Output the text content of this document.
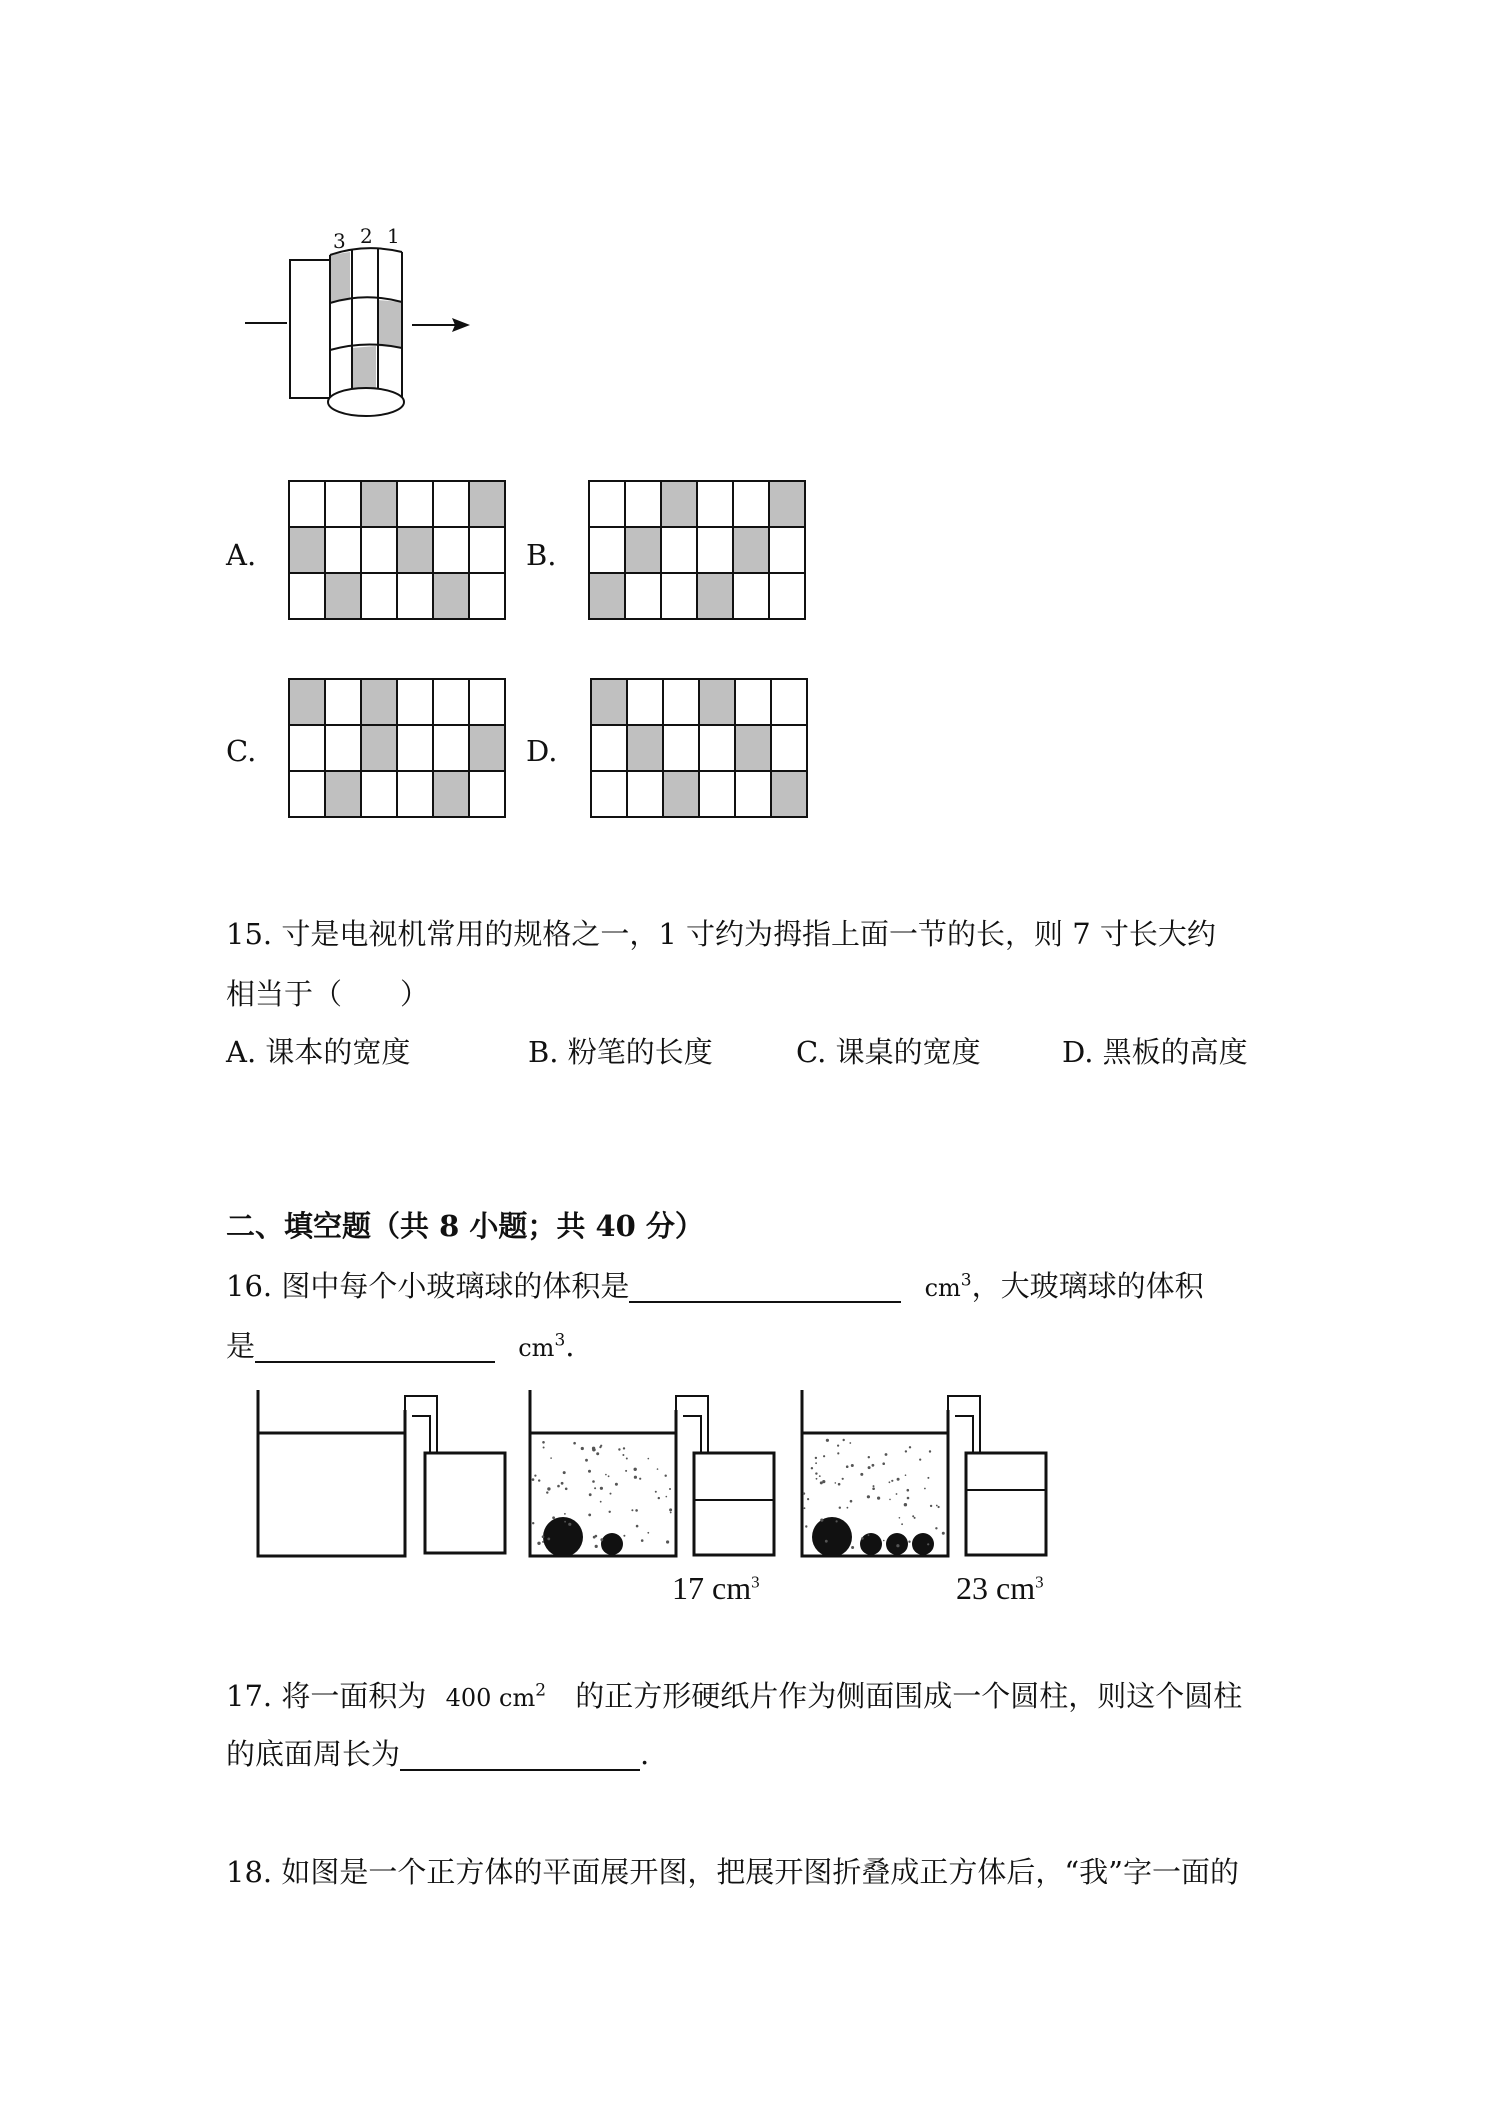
3 2 1
A.	B.
C.	D.
15. 寸是电视机常用的规格之一，1 寸约为拇指上面一节的长，则 7 寸长大约
相当于（　　）
A. 课本的宽度	B. 粉笔的长度	C. 课桌的宽度	D. 黑板的高度
二、填空题（共 8 小题；共 40 分）
16. 图中每个小玻璃球的体积是	$cm^3$，大玻璃球的体积
是	$cm^3$.
17 $cm^3$	23 $cm^3$
17. 将一面积为 400 $cm^2$ 的正方形硬纸片作为侧面围成一个圆柱，则这个圆柱
的底面周长为	.
18. 如图是一个正方体的平面展开图，把展开图折叠成正方体后，“我”字一面的
